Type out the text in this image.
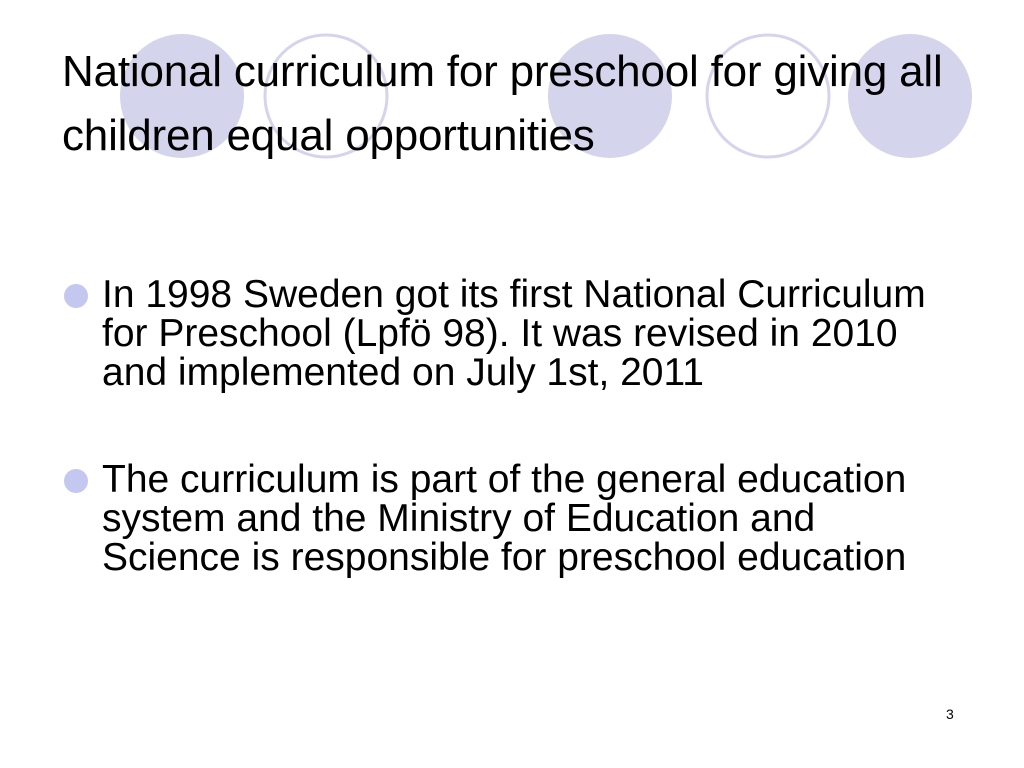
National curriculum for preschool for giving all children equal opportunities
In 1998 Sweden got its first National Curriculum for Preschool (Lpfö 98). It was revised in 2010 and implemented on July 1st, 2011
The curriculum is part of the general education system and the Ministry of Education and Science is responsible for preschool education
3
